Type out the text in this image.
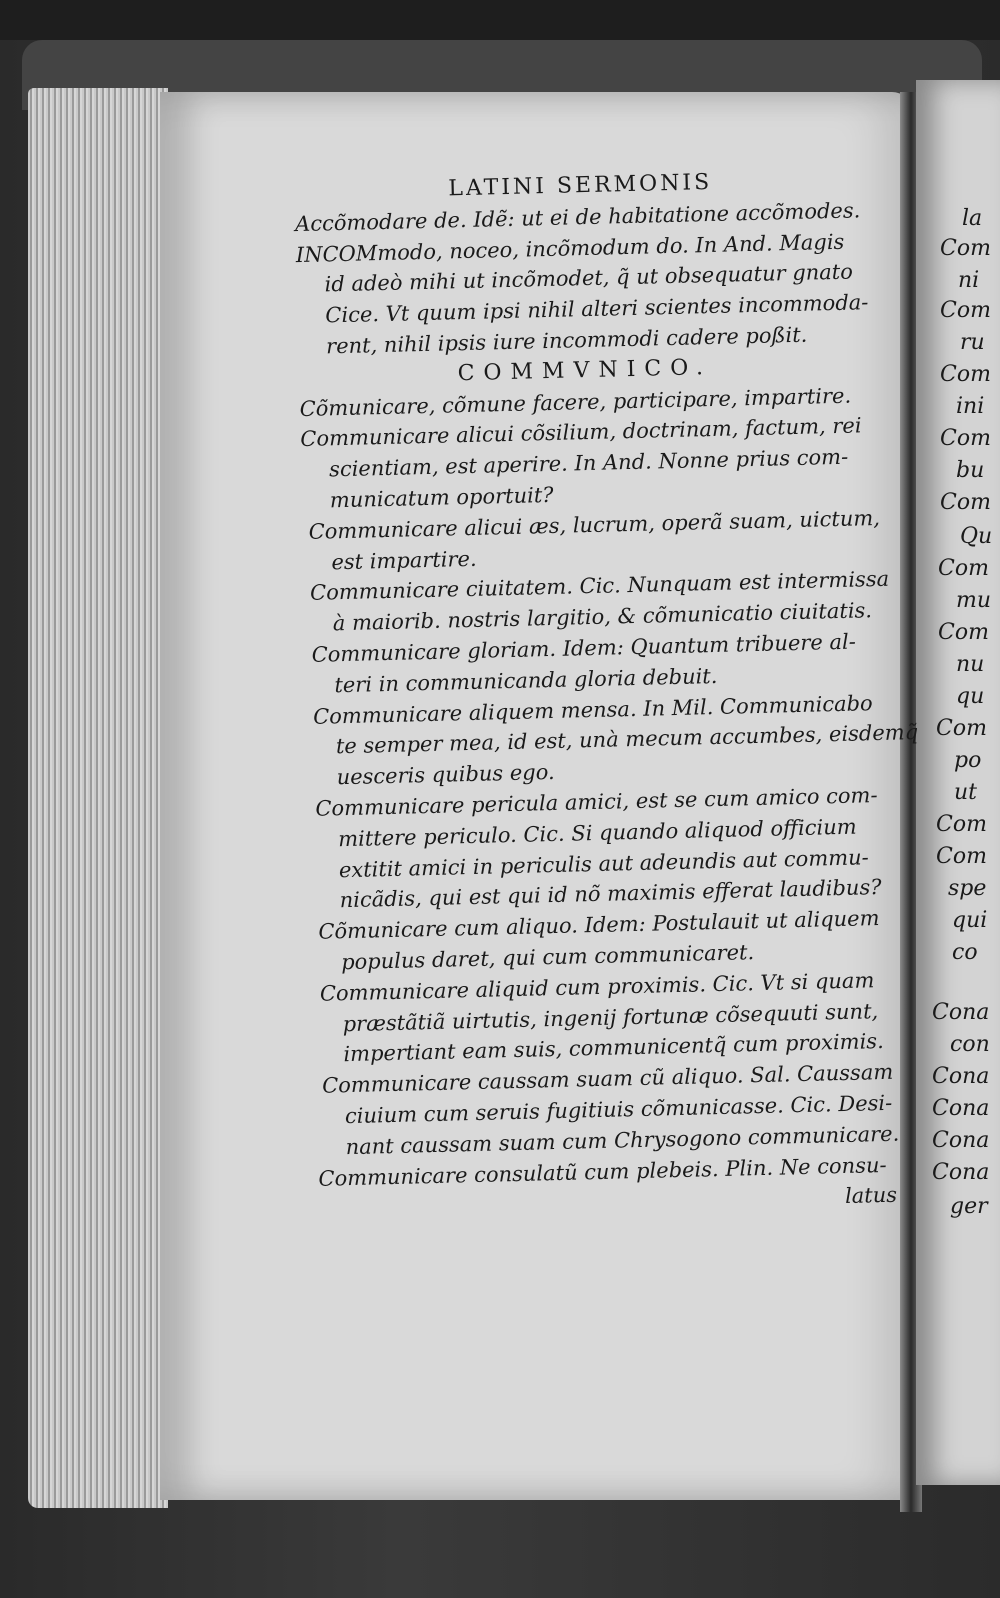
LATINI SERMONIS
Accõmodare de. Idẽ: ut ei de habitatione accõmodes.
INCOMmodo, noceo, incõmodum do. In And. Magis
id adeò mihi ut incõmodet, q̃ ut obsequatur gnato
Cice. Vt quum ipsi nihil alteri scientes incommoda-
rent, nihil ipsis iure incommodi cadere poßit.
COMMVNICO.
Cõmunicare, cõmune facere, participare, impartire.
Communicare alicui cõsilium, doctrinam, factum, rei
scientiam, est aperire. In And. Nonne prius com-
municatum oportuit?
Communicare alicui æs, lucrum, operã suam, uictum,
est impartire.
Communicare ciuitatem. Cic. Nunquam est intermissa
à maiorib. nostris largitio, & cõmunicatio ciuitatis.
Communicare gloriam. Idem: Quantum tribuere al-
teri in communicanda gloria debuit.
Communicare aliquem mensa. In Mil. Communicabo
te semper mea, id est, unà mecum accumbes, eisdemq̃
uesceris quibus ego.
Communicare pericula amici, est se cum amico com-
mittere periculo. Cic. Si quando aliquod officium
extitit amici in periculis aut adeundis aut commu-
nicãdis, qui est qui id nõ maximis efferat laudibus?
Cõmunicare cum aliquo. Idem: Postulauit ut aliquem
populus daret, qui cum communicaret.
Communicare aliquid cum proximis. Cic. Vt si quam
præstãtiã uirtutis, ingenij fortunæ cõsequuti sunt,
impertiant eam suis, communicentq̃ cum proximis.
Communicare caussam suam cũ aliquo. Sal. Caussam
ciuium cum seruis fugitiuis cõmunicasse. Cic. Desi-
nant caussam suam cum Chrysogono communicare.
Communicare consulatũ cum plebeis. Plin. Ne consu-
latus
la
Com
ni
Com
ru
Com
ini
Com
bu
Com
Qu
Com
mu
Com
nu
qu
Com
po
ut
Com
Com
spe
qui
co
Cona
con
Cona
Cona
Cona
Cona
ger
